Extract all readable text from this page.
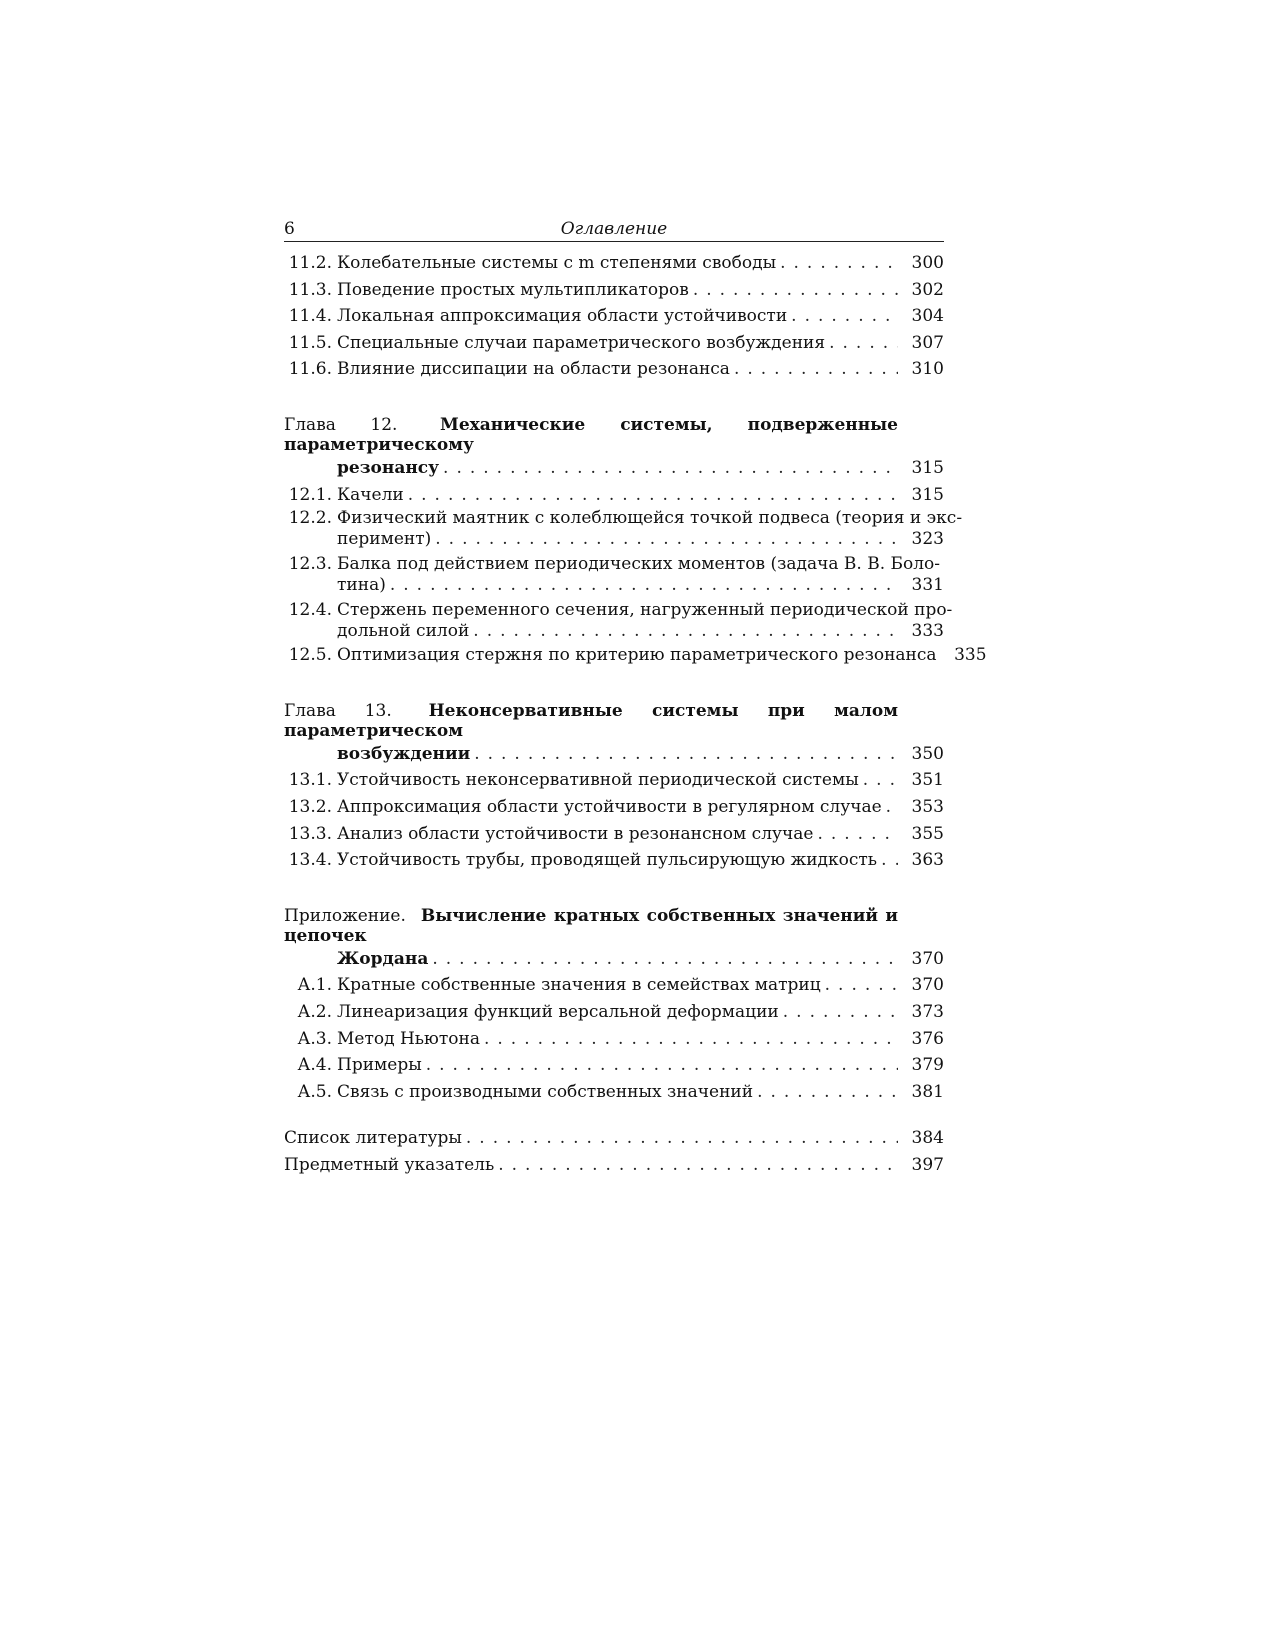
6	Оглавление
11.2. Колебательные системы с m степенями свободы . . .	300
11.3. Поведение простых мультипликаторов . . .	302
11.4. Локальная аппроксимация области устойчивости . . .	304
11.5. Специальные случаи параметрического возбуждения . . .	307
11.6. Влияние диссипации на области резонанса . . .	310
Глава 12.	Механические системы, подверженные параметрическому
резонансу . . .	315
12.1. Качели . . .	315
12.2. Физический маятник с колеблющейся точкой подвеса (теория и экс-
перимент) . . .	323
12.3. Балка под действием периодических моментов (задача В. В. Боло-
тина) . . .	331
12.4. Стержень переменного сечения, нагруженный периодической про-
дольной силой . . .	333
12.5. Оптимизация стержня по критерию параметрического резонанса	335
Глава 13. Неконсервативные системы при малом параметрическом
возбуждении . . .	350
13.1. Устойчивость неконсервативной периодической системы . . .	351
13.2. Аппроксимация области устойчивости в регулярном случае . . .	353
13.3. Анализ области устойчивости в резонансном случае . . .	355
13.4. Устойчивость трубы, проводящей пульсирующую жидкость . . .	363
Приложение. Вычисление кратных собственных значений и цепочек
Жордана . . .	370
А.1. Кратные собственные значения в семействах матриц . . .	370
А.2. Линеаризация функций версальной деформации . . .	373
А.3. Метод Ньютона . . .	376
А.4. Примеры . . .	379
А.5. Связь с производными собственных значений . . .	381
Список литературы . . .	384
Предметный указатель . . .	397
